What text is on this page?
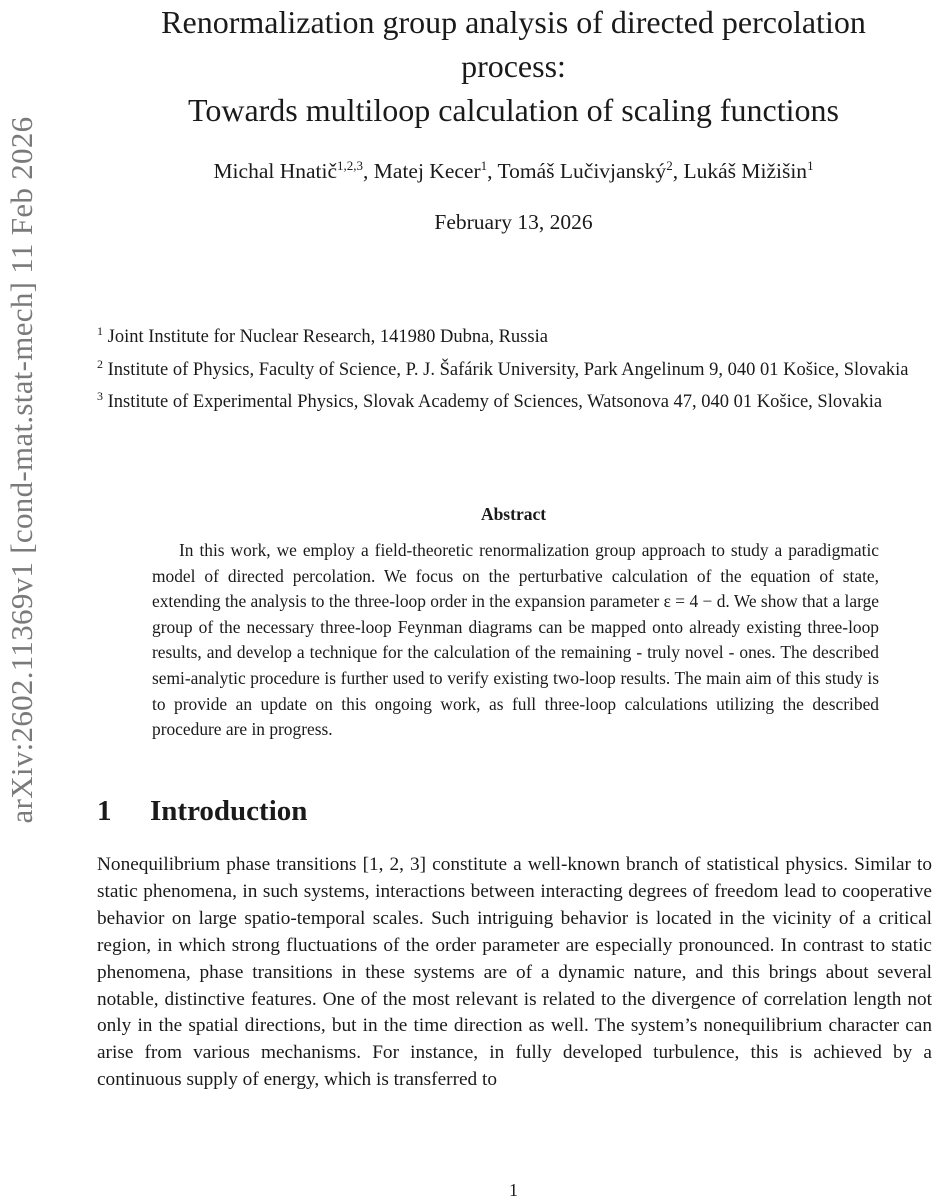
arXiv:2602.11369v1 [cond-mat.stat-mech] 11 Feb 2026
Renormalization group analysis of directed percolation
process:
Towards multiloop calculation of scaling functions
Michal Hnatič$^{1,2,3}$, Matej Kecer$^1$, Tomáš Lučivjanský$^2$, Lukáš Mižišin$^1$
February 13, 2026

$^1$ Joint Institute for Nuclear Research, 141980 Dubna, Russia

$^2$ Institute of Physics, Faculty of Science, P. J. Šafárik University, Park Angelinum 9, 040 01 Košice, Slovakia

$^3$ Institute of Experimental Physics, Slovak Academy of Sciences, Watsonova 47, 040 01 Košice, Slovakia

Abstract

In this work, we employ a field-theoretic renormalization group approach to study a paradigmatic model of directed percolation. We focus on the perturbative calculation of the equation of state, extending the analysis to the three-loop order in the expansion parameter ε = 4 − d. We show that a large group of the necessary three-loop Feynman diagrams can be mapped onto already existing three-loop results, and develop a technique for the calculation of the remaining - truly novel - ones. The described semi-analytic procedure is further used to verify existing two-loop results. The main aim of this study is to provide an update on this ongoing work, as full three-loop calculations utilizing the described procedure are in progress.

1 Introduction

Nonequilibrium phase transitions [1, 2, 3] constitute a well-known branch of statistical physics. Similar to static phenomena, in such systems, interactions between interacting degrees of freedom lead to cooperative behavior on large spatio-temporal scales. Such intriguing behavior is located in the vicinity of a critical region, in which strong fluctuations of the order parameter are especially pronounced. In contrast to static phenomena, phase transitions in these systems are of a dynamic nature, and this brings about several notable, distinctive features. One of the most relevant is related to the divergence of correlation length not only in the spatial directions, but in the time direction as well. The system’s nonequilibrium character can arise from various mechanisms. For instance, in fully developed turbulence, this is achieved by a continuous supply of energy, which is transferred to

1
